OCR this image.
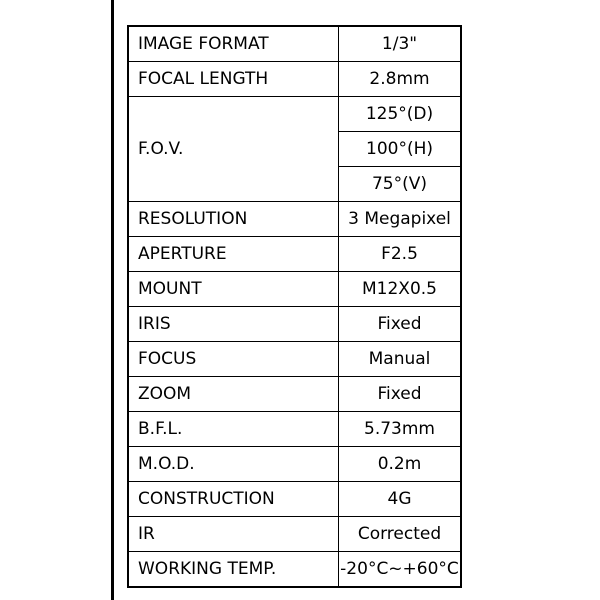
IMAGE FORMAT	1/3"
FOCAL LENGTH	2.8mm
F.O.V.	125°(D)
	100°(H)
	75°(V)
RESOLUTION	3 Megapixel
APERTURE	F2.5
MOUNT	M12X0.5
IRIS	Fixed
FOCUS	Manual
ZOOM	Fixed
B.F.L.	5.73mm
M.O.D.	0.2m
CONSTRUCTION	4G
IR	Corrected
WORKING TEMP.	-20°C~+60°C
